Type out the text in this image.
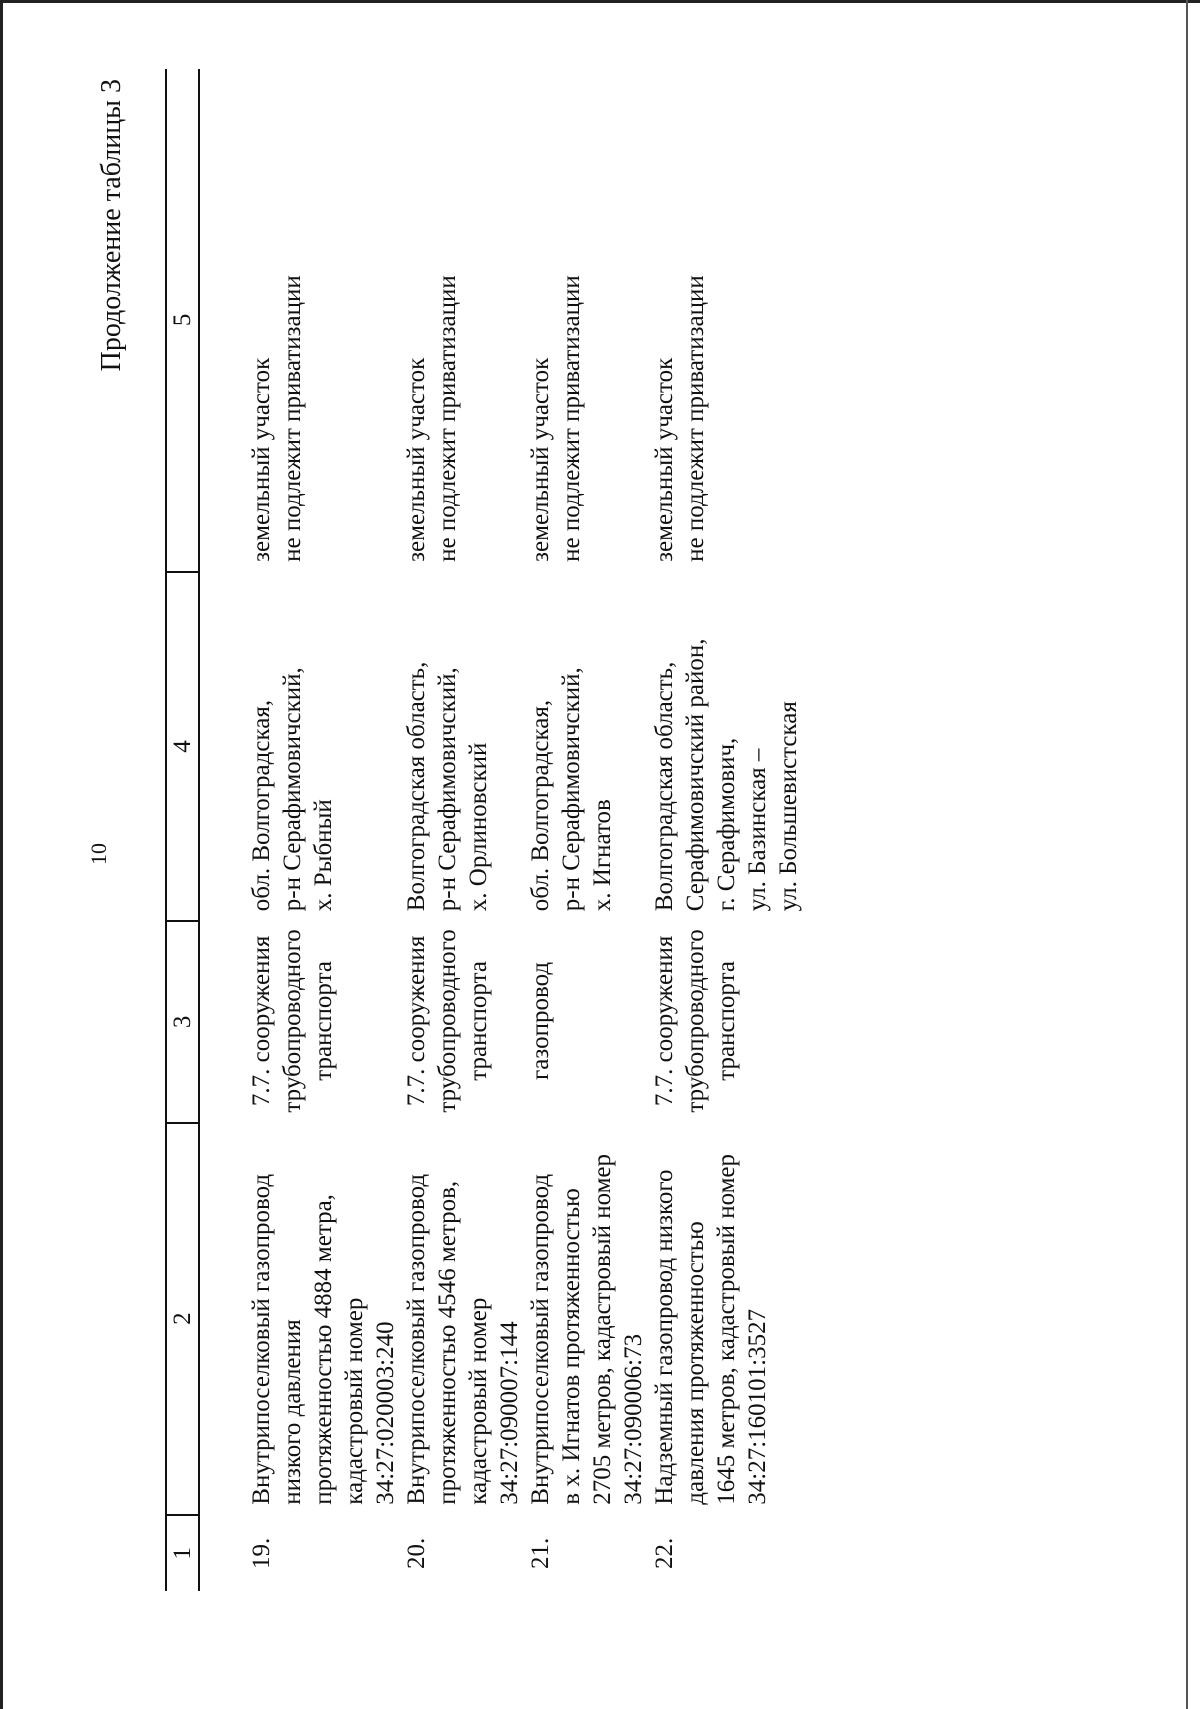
10
Продолжение таблицы 3
1	2	3	4	5

19.	Внутрипоселковый газопровод низкого давления протяженностью 4884 метра, кадастровый номер 34:27:020003:240	7.7. сооружения трубопроводного транспорта	обл. Волгоградская, р-н Серафимовичский, х. Рыбный	земельный участок не подлежит приватизации

20.	Внутрипоселковый газопровод протяженностью 4546 метров, кадастровый номер 34:27:090007:144	7.7. сооружения трубопроводного транспорта	Волгоградская область, р-н Серафимовичский, х. Орлиновский	земельный участок не подлежит приватизации

21.	Внутрипоселковый газопровод в х. Игнатов протяженностью 2705 метров, кадастровый номер 34:27:090006:73	газопровод	обл. Волгоградская, р-н Серафимовичский, х. Игнатов	земельный участок не подлежит приватизации

22.	Надземный газопровод низкого давления протяженностью 1645 метров, кадастровый номер 34:27:160101:3527	7.7. сооружения трубопроводного транспорта	Волгоградская область, Серафимовичский район, г. Серафимович, ул. Базинская – ул. Большевистская	земельный участок не подлежит приватизации
